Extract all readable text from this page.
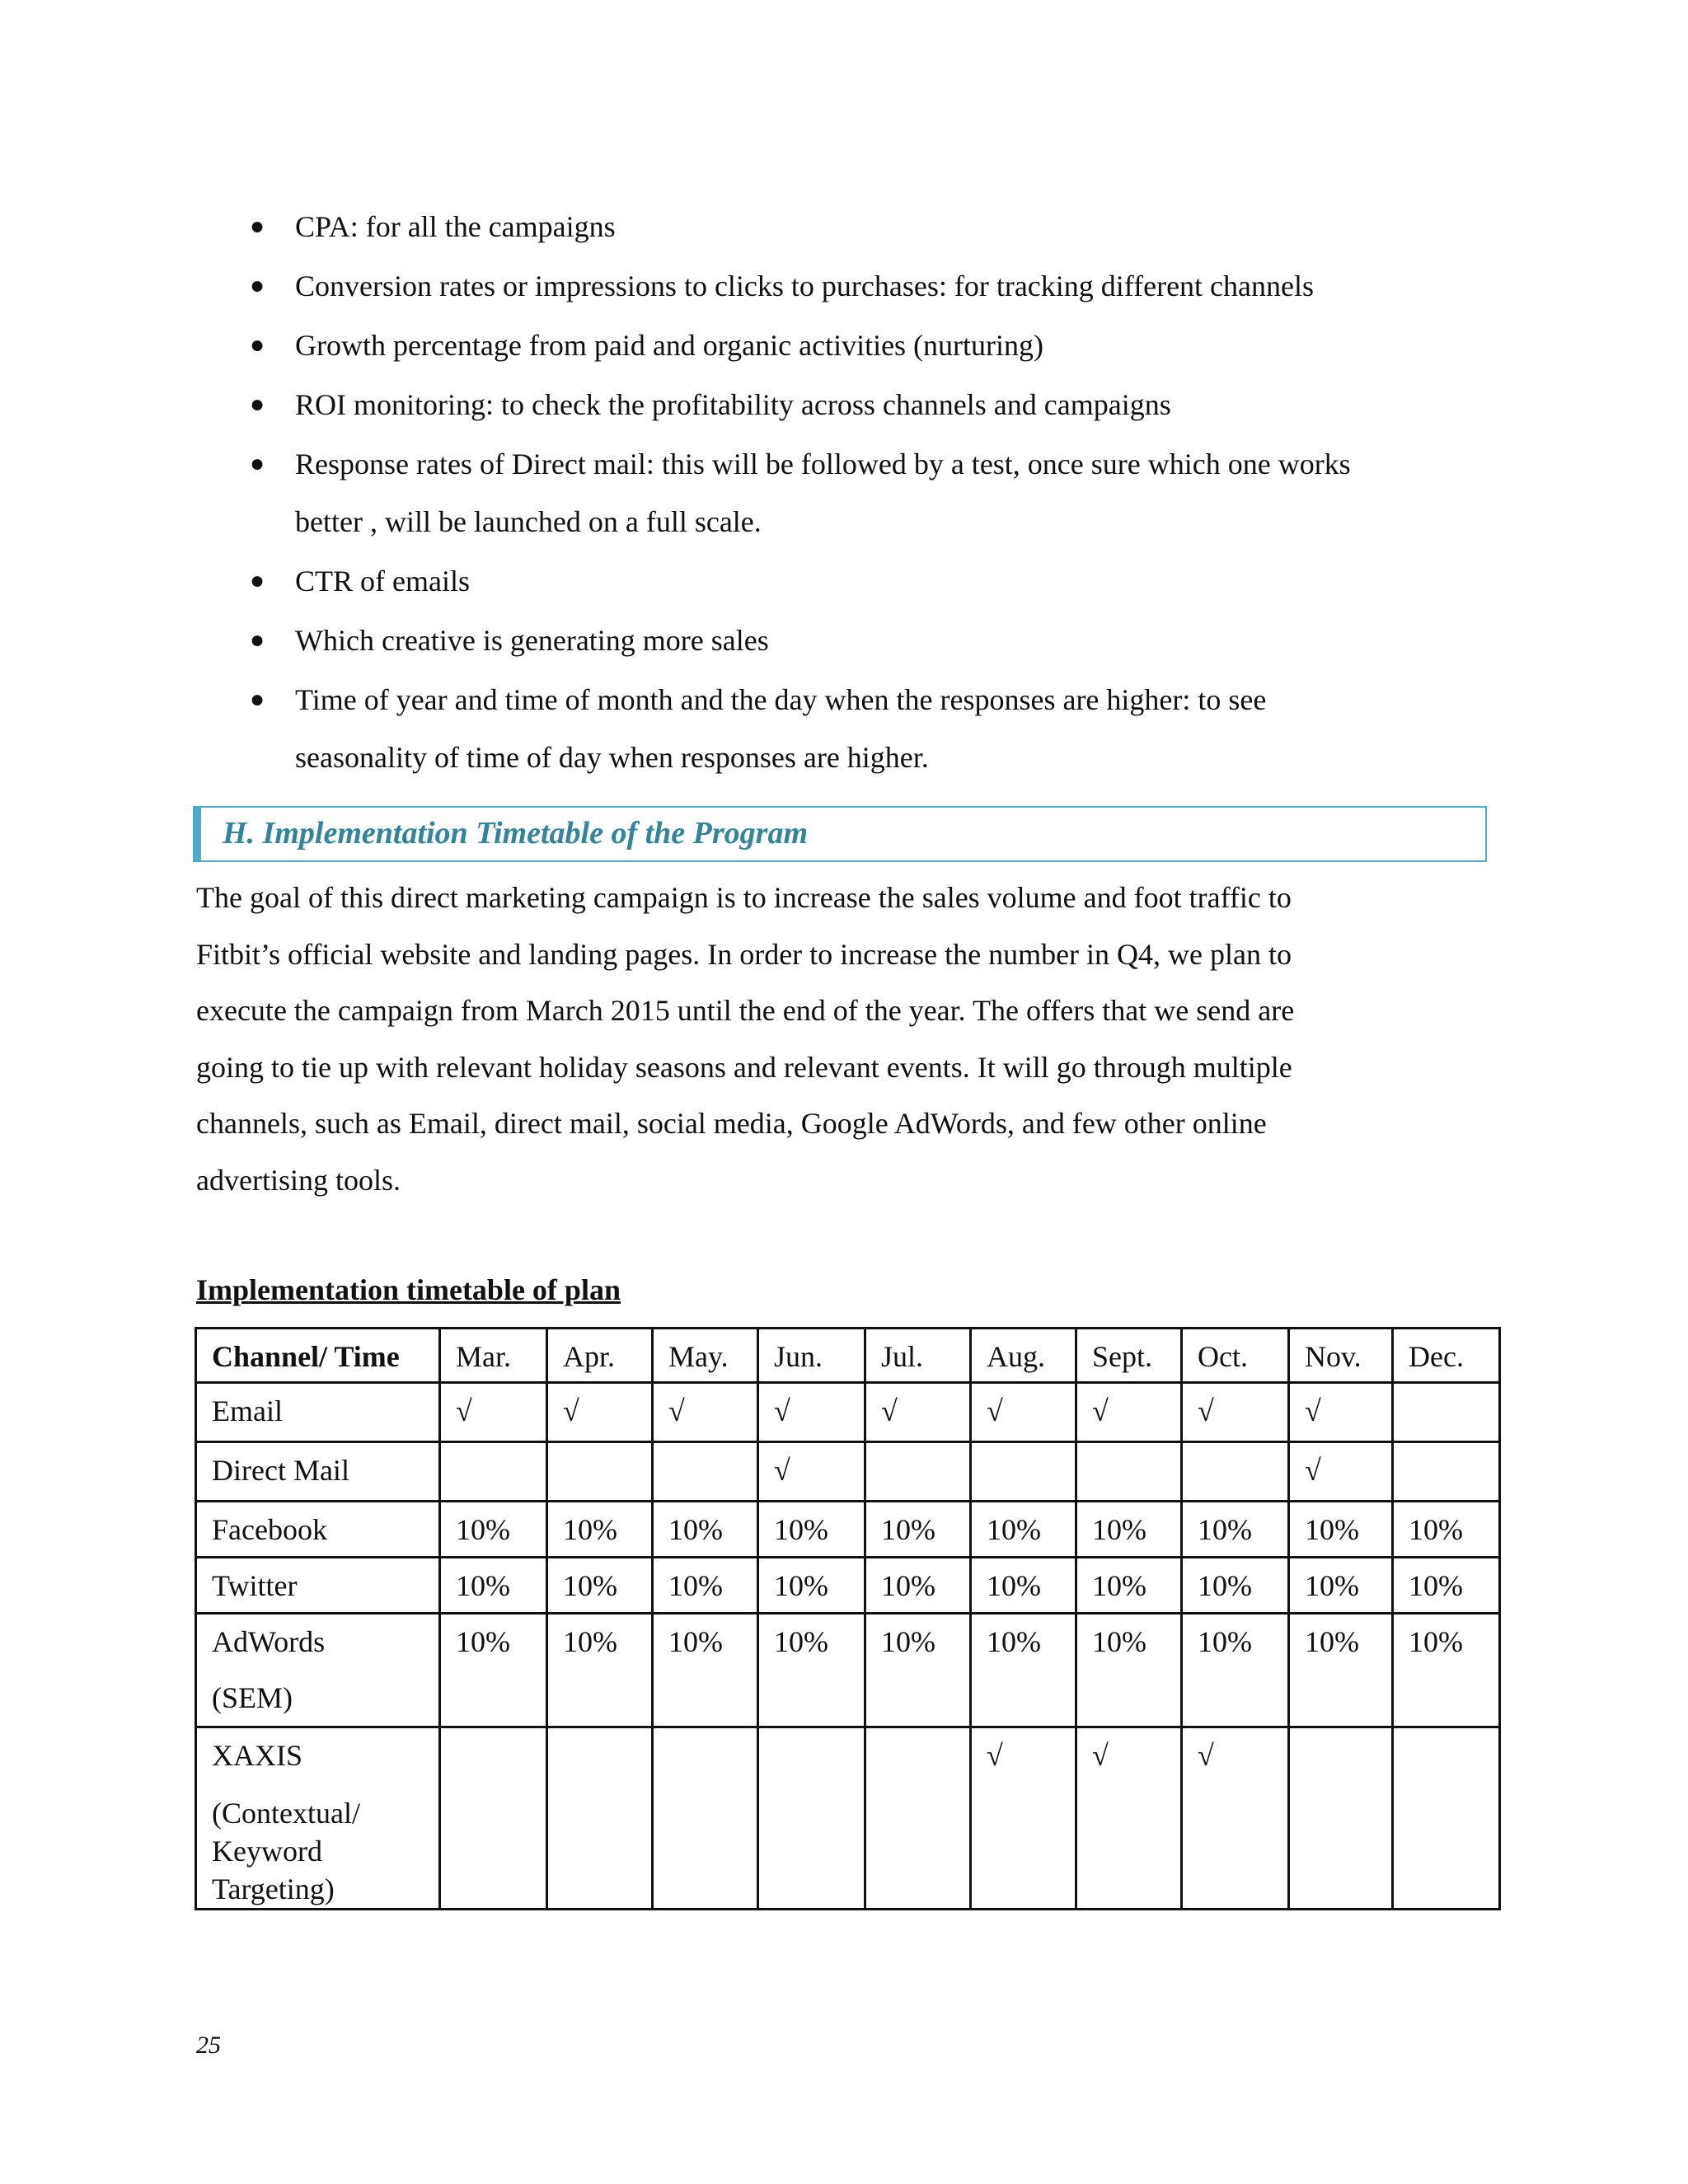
● CPA: for all the campaigns
● Conversion rates or impressions to clicks to purchases: for tracking different channels
● Growth percentage from paid and organic activities (nurturing)
● ROI monitoring: to check the profitability across channels and campaigns
● Response rates of Direct mail: this will be followed by a test, once sure which one works
better , will be launched on a full scale.
● CTR of emails
● Which creative is generating more sales
● Time of year and time of month and the day when the responses are higher: to see
seasonality of time of day when responses are higher.
H. Implementation Timetable of the Program
The goal of this direct marketing campaign is to increase the sales volume and foot traffic to
Fitbit’s official website and landing pages. In order to increase the number in Q4, we plan to
execute the campaign from March 2015 until the end of the year. The offers that we send are
going to tie up with relevant holiday seasons and relevant events. It will go through multiple
channels, such as Email, direct mail, social media, Google AdWords, and few other online
advertising tools.
Implementation timetable of plan
Channel/ Time	Mar.	Apr.	May.	Jun.	Jul.	Aug.	Sept.	Oct.	Nov.	Dec.
Email	√	√	√	√	√	√	√	√	√	
Direct Mail				√					√	
Facebook	10%	10%	10%	10%	10%	10%	10%	10%	10%	10%
Twitter	10%	10%	10%	10%	10%	10%	10%	10%	10%	10%
AdWords
(SEM)	10%	10%	10%	10%	10%	10%	10%	10%	10%	10%
XAXIS
(Contextual/
Keyword
Targeting)						√	√	√		
25
